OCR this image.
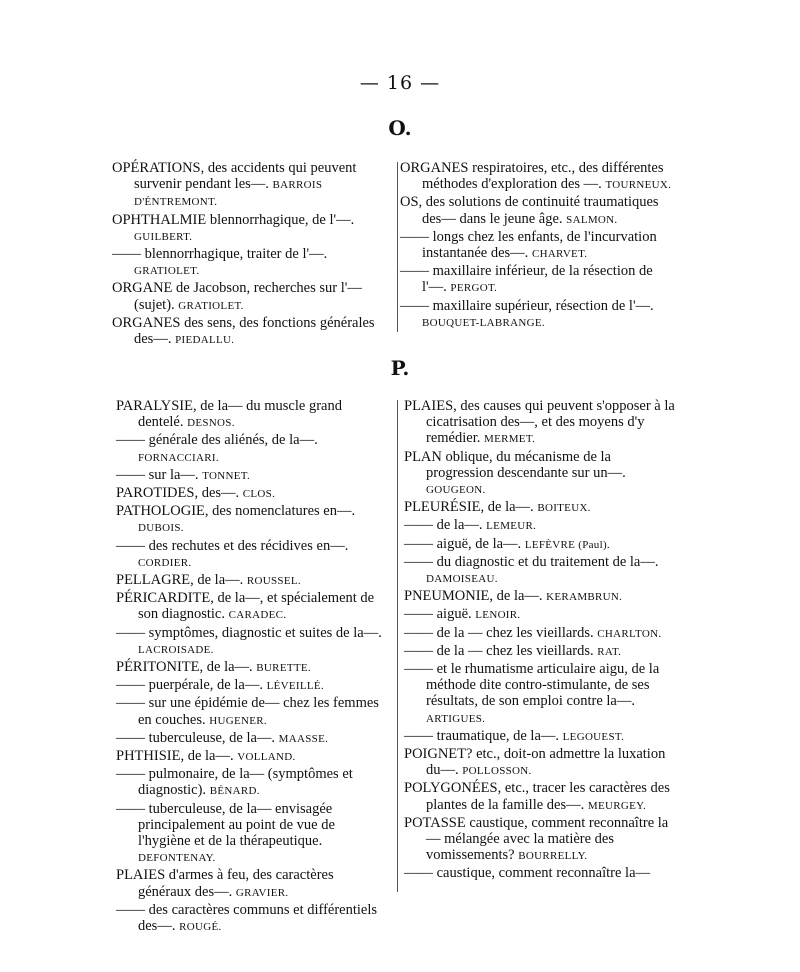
— 16 —
O.
OPÉRATIONS, des accidents qui peuvent survenir pendant les—. BARROIS D'ÉNTREMONT.
OPHTHALMIE blennorrhagique, de l'—. GUILBERT.
—— blennorrhagique, traiter de l'—. GRATIOLET.
ORGANE de Jacobson, recherches sur l'—(sujet). GRATIOLET.
ORGANES des sens, des fonctions générales des—. PIEDALLU.
ORGANES respiratoires, etc., des différentes méthodes d'exploration des —. TOURNEUX.
OS, des solutions de continuité traumatiques des— dans le jeune âge. SALMON.
—— longs chez les enfants, de l'incurvation instantanée des—. CHARVET.
—— maxillaire inférieur, de la résection de l'—. PERGOT.
—— maxillaire supérieur, résection de l'—. BOUQUET-LABRANGE.
P.
PARALYSIE, de la— du muscle grand dentelé. DESNOS.
—— générale des aliénés, de la—. FORNACCIARI.
—— sur la—. TONNET.
PAROTIDES, des—. CLOS.
PATHOLOGIE, des nomenclatures en—. DUBOIS.
—— des rechutes et des récidives en—. CORDIER.
PELLAGRE, de la—. ROUSSEL.
PÉRICARDITE, de la—, et spécialement de son diagnostic. CARADEC.
—— symptômes, diagnostic et suites de la—. LACROISADE.
PÉRITONITE, de la—. BURETTE.
—— puerpérale, de la—. LÉVEILLÉ.
—— sur une épidémie de— chez les femmes en couches. HUGENER.
—— tuberculeuse, de la—. MAASSE.
PHTHISIE, de la—. VOLLAND.
—— pulmonaire, de la— (symptômes et diagnostic). BÉNARD.
—— tuberculeuse, de la— envisagée principalement au point de vue de l'hygiène et de la thérapeutique. DEFONTENAY.
PLAIES d'armes à feu, des caractères généraux des—. GRAVIER.
—— des caractères communs et différentiels des—. ROUGÉ.
PLAIES, des causes qui peuvent s'opposer à la cicatrisation des—, et des moyens d'y remédier. MERMET.
PLAN oblique, du mécanisme de la progression descendante sur un—. GOUGEON.
PLEURÉSIE, de la—. BOITEUX.
—— de la—. LEMEUR.
—— aiguë, de la—. LEFÈVRE (Paul).
—— du diagnostic et du traitement de la—. DAMOISEAU.
PNEUMONIE, de la—. KERAMBRUN.
—— aiguë. LENOIR.
—— de la — chez les vieillards. CHARLTON.
—— de la — chez les vieillards. RAT.
—— et le rhumatisme articulaire aigu, de la méthode dite contro-stimulante, de ses résultats, de son emploi contre la—. ARTIGUES.
—— traumatique, de la—. LEGOUEST.
POIGNET? etc., doit-on admettre la luxation du—. POLLOSSON.
POLYGONÉES, etc., tracer les caractères des plantes de la famille des—. MEURGEY.
POTASSE caustique, comment reconnaître la— mélangée avec la matière des vomissements? BOURRELLY.
—— caustique, comment reconnaître la—
